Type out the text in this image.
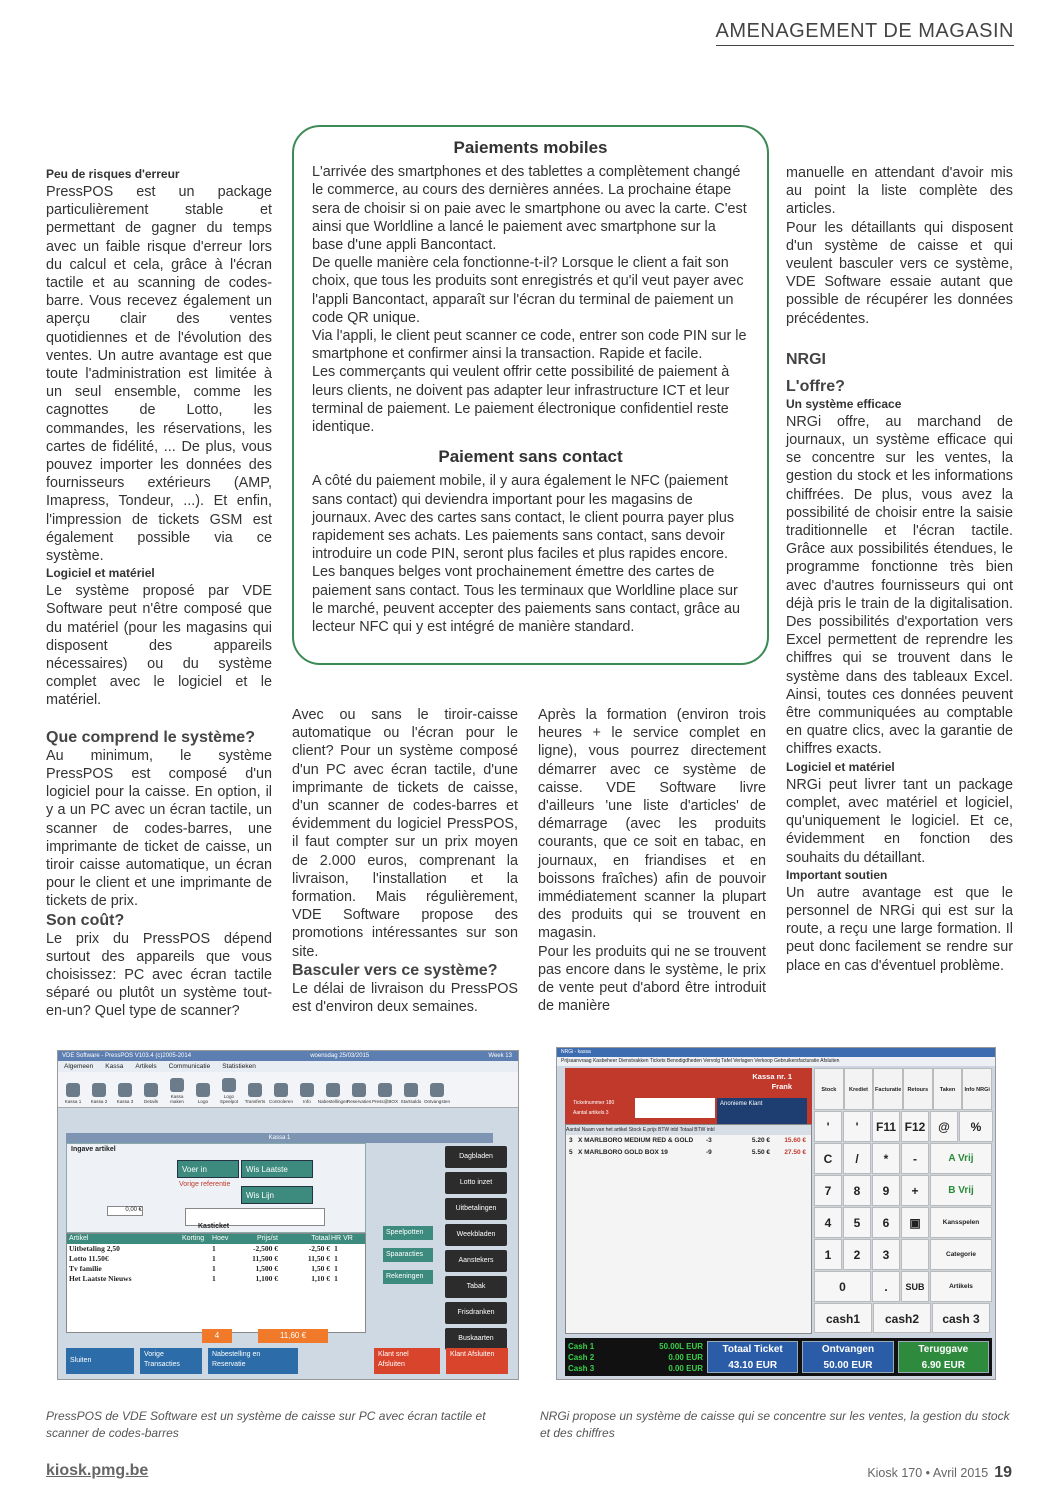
AMENAGEMENT DE MAGASIN

Peu de risques d'erreur

PressPOS est un package particulièrement stable et permettant de gagner du temps avec un faible risque d'erreur lors du calcul et cela, grâce à l'écran tactile et au scanning de codes-barre. Vous recevez également un aperçu clair des ventes quotidiennes et de l'évolution des ventes. Un autre avantage est que toute l'administration est limitée à un seul ensemble, comme les cagnottes de Lotto, les commandes, les réservations, les cartes de fidélité, ... De plus, vous pouvez importer les données des fournisseurs extérieurs (AMP, Imapress, Tondeur, ...). Et enfin, l'impression de tickets GSM est également possible via ce système.

Logiciel et matériel

Le système proposé par VDE Software peut n'être composé que du matériel (pour les magasins qui disposent des appareils nécessaires) ou du système complet avec le logiciel et le matériel.

Que comprend le système?

Au minimum, le système PressPOS est composé d'un logiciel pour la caisse. En option, il y a un PC avec un écran tactile, un scanner de codes-barres, une imprimante de ticket de caisse, un tiroir caisse automatique, un écran pour le client et une imprimante de tickets de prix.

Son coût?

Le prix du PressPOS dépend surtout des appareils que vous choisissez: PC avec écran tactile séparé ou plutôt un système tout-en-un? Quel type de scanner?

Paiements mobiles

L'arrivée des smartphones et des tablettes a complètement changé le commerce, au cours des dernières années. La prochaine étape sera de choisir si on paie avec le smartphone ou avec la carte. C'est ainsi que Worldline a lancé le paiement avec smartphone sur la base d'une appli Bancontact.

De quelle manière cela fonctionne-t-il? Lorsque le client a fait son choix, que tous les produits sont enregistrés et qu'il veut payer avec l'appli Bancontact, apparaît sur l'écran du terminal de paiement un code QR unique.

Via l'appli, le client peut scanner ce code, entrer son code PIN sur le smartphone et confirmer ainsi la transaction. Rapide et facile.

Les commerçants qui veulent offrir cette possibilité de paiement à leurs clients, ne doivent pas adapter leur infrastructure ICT et leur terminal de paiement. Le paiement électronique confidentiel reste identique.

Paiement sans contact

A côté du paiement mobile, il y aura également le NFC (paiement sans contact) qui deviendra important pour les magasins de journaux. Avec des cartes sans contact, le client pourra payer plus rapidement ses achats. Les paiements sans contact, sans devoir introduire un code PIN, seront plus faciles et plus rapides encore. Les banques belges vont prochainement émettre des cartes de paiement sans contact. Tous les terminaux que Worldline place sur le marché, peuvent accepter des paiements sans contact, grâce au lecteur NFC qui y est intégré de manière standard.

Avec ou sans le tiroir-caisse automatique ou l'écran pour le client? Pour un système composé d'un PC avec écran tactile, d'une imprimante de tickets de caisse, d'un scanner de codes-barres et évidemment du logiciel PressPOS, il faut compter sur un prix moyen de 2.000 euros, comprenant la livraison, l'installation et la formation. Mais régulièrement, VDE Software propose des promotions intéressantes sur son site.

Basculer vers ce système?

Le délai de livraison du PressPOS est d'environ deux semaines.

Après la formation (environ trois heures + le service complet en ligne), vous pourrez directement démarrer avec ce système de caisse. VDE Software livre d'ailleurs 'une liste d'articles' de démarrage (avec les produits courants, que ce soit en tabac, en journaux, en friandises et en boissons fraîches) afin de pouvoir immédiatement scanner la plupart des produits qui se trouvent en magasin.

Pour les produits qui ne se trouvent pas encore dans le système, le prix de vente peut d'abord être introduit de manière

manuelle en attendant d'avoir mis au point la liste complète des articles.

Pour les détaillants qui disposent d'un système de caisse et qui veulent basculer vers ce système, VDE Software essaie autant que possible de récupérer les données précédentes.

NRGI

L'offre?

Un système efficace

NRGi offre, au marchand de journaux, un système efficace qui se concentre sur les ventes, la gestion du stock et les informations chiffrées. De plus, vous avez la possibilité de choisir entre la saisie traditionnelle et l'écran tactile. Grâce aux possibilités étendues, le programme fonctionne très bien avec d'autres fournisseurs qui ont déjà pris le train de la digitalisation. Des possibilités d'exportation vers Excel permettent de reprendre les chiffres qui se trouvent dans le système dans des tableaux Excel. Ainsi, toutes ces données peuvent être communiquées au comptable en quatre clics, avec la garantie de chiffres exacts.

Logiciel et matériel

NRGi peut livrer tant un package complet, avec matériel et logiciel, qu'uniquement le logiciel. Et ce, évidemment en fonction des souhaits du détaillant.

Important soutien

Un autre avantage est que le personnel de NRGi qui est sur la route, a reçu une large formation. Il peut donc facilement se rendre sur place en cas d'éventuel problème.

VDE Software - PressPOS V103.4 (c)2005-2014	woensdag 25/03/2015	Week 13
Algemeen Kassa Artikels Communicatie Statistieken
Kassa 1	Kassa 2	Kassa 3	Details
Kassa maken	Logo
Logo Speelpot	Transferts Controleren	Info	Nabestellingen
Reservaties Press@BOX Startsaldo Ontvangsten
Kassa 1
Ingave artikel
Voer in	Wis Laatste
Vorige referentie
Wis Lijn
0,00 €
Kasticket
Artikel	Korting	Hoev	Prijs/st	Totaal HR VR
Uitbetaling 2,50	1	-2,500 €	-2,50 € 1
Lotto 11.50€	1	11,500 €	11,50 € 1
Tv familie	1	1,500 €	1,50 € 1
Het Laatste Nieuws	1	1,100 €	1,10 € 1
4	11,60 €
Speelpotten
Spaaracties
Rekeningen
Dagbladen
Lotto inzet
Uitbetalingen
Weekbladen
Aanstekers
Tabak
Frisdranken
Buskaarten
Sluiten
Vorige Transacties
Nabestelling en Reservatie
Klant snel Afsluiten
Klant Afsluiten
NRGi - kassa
Prijsaanvraag Kasbeheer Dienstvakken Tickets Benodigdheden Vervolg Tafel Verlagen Verkoop Gebruikersfacturatie Afsluiten
Kassa nr. 1
Frank
Ticketnummer 180
Aantal artikels 3
Anonieme Klant
Aantal Naam van het artikel Stock E.prijs BTW inbl Totaal BTW inbl
3 X MARLBORO MEDIUM RED & GOLD	-3	5.20 €	15.60 €
5 X MARLBORO GOLD BOX 19	-9	5.50 €	27.50 €
Stock	Krediet	Facturatie	Retours	Taken	Info NRGi
'	'	F11 F12	@	%
C	/	*	-	A Vrij
7	8	9	+	B Vrij
4	5	6	▣	Kansspelen
1	2	3	Categorie
0	.	SUB	Artikels
cash1	cash2	cash 3
Cash 1	50.00L EUR
Cash 2	0.00 EUR
Cash 3	0.00 EUR
Totaal Ticket
43.10 EUR
Ontvangen
50.00 EUR
Teruggave
6.90 EUR
PressPOS de VDE Software est un système de caisse sur PC avec écran tactile et scanner de codes-barres
NRGi propose un système de caisse qui se concentre sur les ventes, la gestion du stock et des chiffres
kiosk.pmg.be	Kiosk 170 • Avril 2015 19
